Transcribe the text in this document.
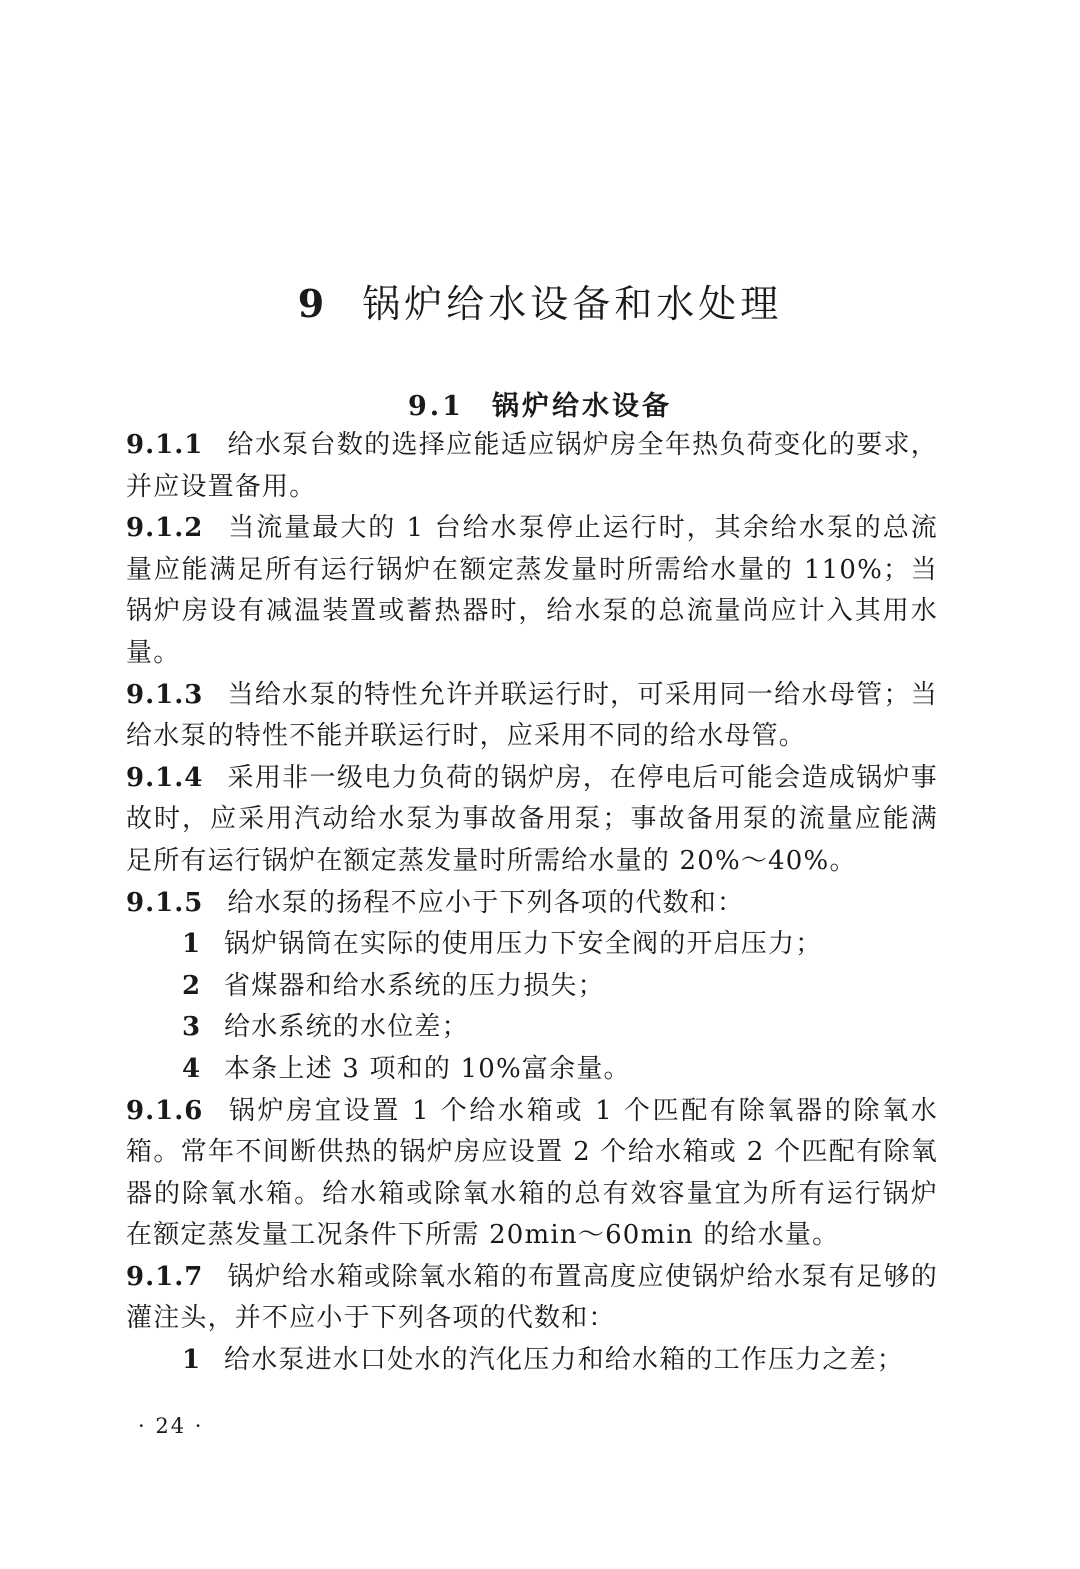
9 锅炉给水设备和水处理
9.1 锅炉给水设备

9.1.1 给水泵台数的选择应能适应锅炉房全年热负荷变化的要求，并应设置备用。

9.1.2 当流量最大的 1 台给水泵停止运行时，其余给水泵的总流量应能满足所有运行锅炉在额定蒸发量时所需给水量的 110%；当锅炉房设有减温装置或蓄热器时，给水泵的总流量尚应计入其用水量。

9.1.3 当给水泵的特性允许并联运行时，可采用同一给水母管；当给水泵的特性不能并联运行时，应采用不同的给水母管。

9.1.4 采用非一级电力负荷的锅炉房，在停电后可能会造成锅炉事故时，应采用汽动给水泵为事故备用泵；事故备用泵的流量应能满足所有运行锅炉在额定蒸发量时所需给水量的 20%～40%。

9.1.5 给水泵的扬程不应小于下列各项的代数和：

1 锅炉锅筒在实际的使用压力下安全阀的开启压力；

2 省煤器和给水系统的压力损失；

3 给水系统的水位差；

4 本条上述 3 项和的 10%富余量。

9.1.6 锅炉房宜设置 1 个给水箱或 1 个匹配有除氧器的除氧水箱。常年不间断供热的锅炉房应设置 2 个给水箱或 2 个匹配有除氧器的除氧水箱。给水箱或除氧水箱的总有效容量宜为所有运行锅炉在额定蒸发量工况条件下所需 20min～60min 的给水量。

9.1.7 锅炉给水箱或除氧水箱的布置高度应使锅炉给水泵有足够的灌注头，并不应小于下列各项的代数和：

1 给水泵进水口处水的汽化压力和给水箱的工作压力之差；

· 24 ·
